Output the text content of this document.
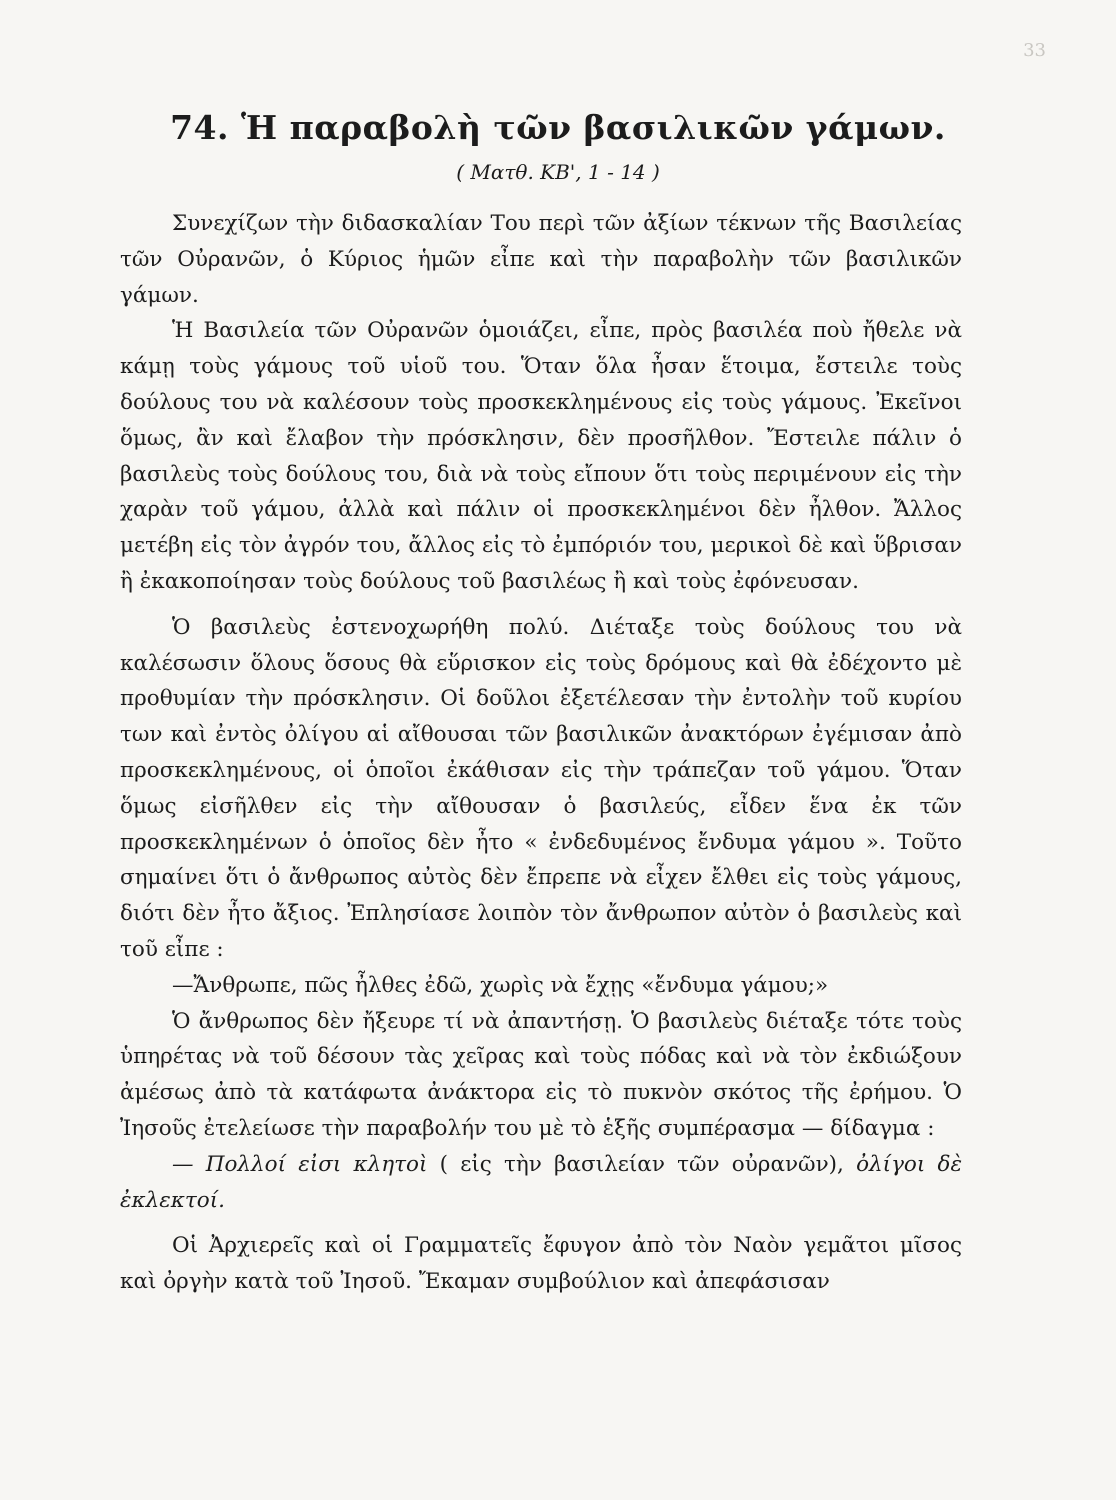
33
74. Ἡ παραβολὴ τῶν βασιλικῶν γάμων.
( Ματθ. ΚΒ', 1 - 14 )

Συνεχίζων τὴν διδασκαλίαν Του περὶ τῶν ἀξίων τέκνων τῆς Βασιλείας τῶν Οὐρανῶν, ὁ Κύριος ἡμῶν εἶπε καὶ τὴν παραβολὴν τῶν βασιλικῶν γάμων.

Ἡ Βασιλεία τῶν Οὐρανῶν ὁμοιάζει, εἶπε, πρὸς βασιλέα ποὺ ἤθελε νὰ κάμῃ τοὺς γάμους τοῦ υἱοῦ του. Ὅταν ὅλα ἦσαν ἕτοιμα, ἔστειλε τοὺς δούλους του νὰ καλέσουν τοὺς προσκεκλημένους εἰς τοὺς γάμους. Ἐκεῖνοι ὅμως, ἂν καὶ ἔλαβον τὴν πρόσκλησιν, δὲν προσῆλθον. Ἔστειλε πάλιν ὁ βασιλεὺς τοὺς δούλους του, διὰ νὰ τοὺς εἴπουν ὅτι τοὺς περιμένουν εἰς τὴν χαρὰν τοῦ γάμου, ἀλλὰ καὶ πάλιν οἱ προσκεκλημένοι δὲν ἦλθον. Ἄλλος μετέβη εἰς τὸν ἀγρόν του, ἄλλος εἰς τὸ ἐμπόριόν του, μερικοὶ δὲ καὶ ὕβρισαν ἢ ἐκακοποίησαν τοὺς δούλους τοῦ βασιλέως ἢ καὶ τοὺς ἐφόνευσαν.

Ὁ βασιλεὺς ἐστενοχωρήθη πολύ. Διέταξε τοὺς δούλους του νὰ καλέσωσιν ὅλους ὅσους θὰ εὕρισκον εἰς τοὺς δρόμους καὶ θὰ ἐδέχοντο μὲ προθυμίαν τὴν πρόσκλησιν. Οἱ δοῦλοι ἐξετέλεσαν τὴν ἐντολὴν τοῦ κυρίου των καὶ ἐντὸς ὀλίγου αἱ αἴθουσαι τῶν βασιλικῶν ἀνακτόρων ἐγέμισαν ἀπὸ προσκεκλημένους, οἱ ὁποῖοι ἐκάθισαν εἰς τὴν τράπεζαν τοῦ γάμου. Ὅταν ὅμως εἰσῆλθεν εἰς τὴν αἴθουσαν ὁ βασιλεύς, εἶδεν ἕνα ἐκ τῶν προσκεκλημένων ὁ ὁποῖος δὲν ἦτο « ἐνδεδυμένος ἔνδυμα γάμου ». Τοῦτο σημαίνει ὅτι ὁ ἄνθρωπος αὐτὸς δὲν ἔπρεπε νὰ εἶχεν ἔλθει εἰς τοὺς γάμους, διότι δὲν ἦτο ἄξιος. Ἐπλησίασε λοιπὸν τὸν ἄνθρωπον αὐτὸν ὁ βασιλεὺς καὶ τοῦ εἶπε :

—Ἄνθρωπε, πῶς ἦλθες ἐδῶ, χωρὶς νὰ ἔχῃς «ἔνδυμα γάμου;»

Ὁ ἄνθρωπος δὲν ἤξευρε τί νὰ ἀπαντήσῃ. Ὁ βασιλεὺς διέταξε τότε τοὺς ὑπηρέτας νὰ τοῦ δέσουν τὰς χεῖρας καὶ τοὺς πόδας καὶ νὰ τὸν ἐκδιώξουν ἀμέσως ἀπὸ τὰ κατάφωτα ἀνάκτορα εἰς τὸ πυκνὸν σκότος τῆς ἐρήμου. Ὁ Ἰησοῦς ἐτελείωσε τὴν παραβολήν του μὲ τὸ ἑξῆς συμπέρασμα — δίδαγμα :

— Πολλοί εἰσι κλητοὶ ( εἰς τὴν βασιλείαν τῶν οὐρανῶν), ὀλίγοι δὲ ἐκλεκτοί.

Οἱ Ἀρχιερεῖς καὶ οἱ Γραμματεῖς ἔφυγον ἀπὸ τὸν Ναὸν γεμᾶτοι μῖσος καὶ ὀργὴν κατὰ τοῦ Ἰησοῦ. Ἔκαμαν συμβούλιον καὶ ἀπεφάσισαν
